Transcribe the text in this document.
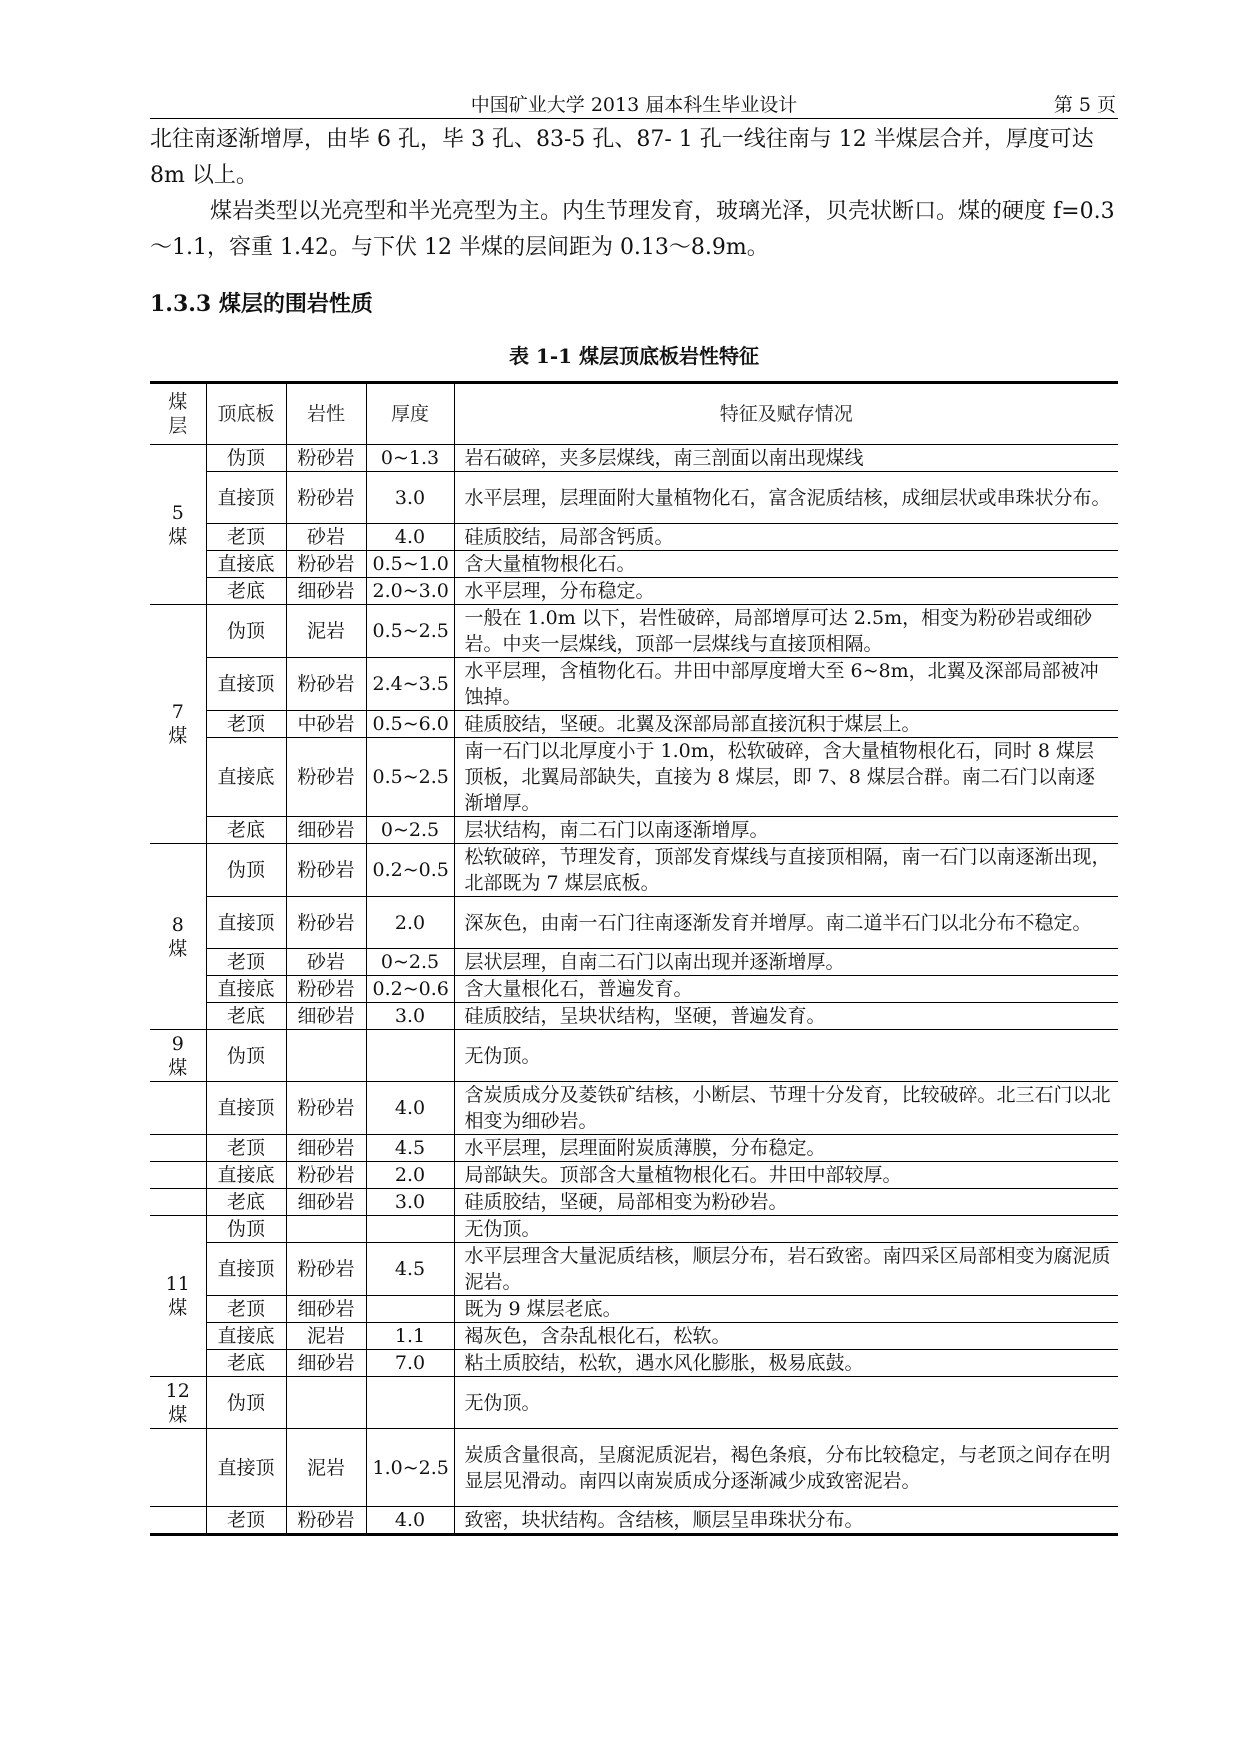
中国矿业大学 2013 届本科生毕业设计	第 5 页
北往南逐渐增厚，由毕 6 孔，毕 3 孔、83-5 孔、87- 1 孔一线往南与 12 半煤层合并，厚度可达 8m 以上。
煤岩类型以光亮型和半光亮型为主。内生节理发育，玻璃光泽，贝壳状断口。煤的硬度 f=0.3～1.1，容重 1.42。与下伏 12 半煤的层间距为 0.13～8.9m。
1.3.3 煤层的围岩性质
表 1-1 煤层顶底板岩性特征
煤层	顶底板	岩性	厚度	特征及赋存情况

5煤	伪顶	粉砂岩	0~1.3	岩石破碎，夹多层煤线，南三剖面以南出现煤线
	直接顶	粉砂岩	3.0	水平层理，层理面附大量植物化石，富含泥质结核，成细层状或串珠状分布。
	老顶	砂岩	4.0	硅质胶结，局部含钙质。
	直接底	粉砂岩	0.5~1.0	含大量植物根化石。
	老底	细砂岩	2.0~3.0	水平层理，分布稳定。

7煤	伪顶	泥岩	0.5~2.5	一般在 1.0m 以下，岩性破碎，局部增厚可达 2.5m，相变为粉砂岩或细砂岩。中夹一层煤线，顶部一层煤线与直接顶相隔。
	直接顶	粉砂岩	2.4~3.5	水平层理，含植物化石。井田中部厚度增大至 6~8m，北翼及深部局部被冲蚀掉。
	老顶	中砂岩	0.5~6.0	硅质胶结，坚硬。北翼及深部局部直接沉积于煤层上。
	直接底	粉砂岩	0.5~2.5	南一石门以北厚度小于 1.0m，松软破碎，含大量植物根化石，同时 8 煤层顶板，北翼局部缺失，直接为 8 煤层，即 7、8 煤层合群。南二石门以南逐渐增厚。
	老底	细砂岩	0~2.5	层状结构，南二石门以南逐渐增厚。

8煤	伪顶	粉砂岩	0.2~0.5	松软破碎，节理发育，顶部发育煤线与直接顶相隔，南一石门以南逐渐出现，北部既为 7 煤层底板。
	直接顶	粉砂岩	2.0	深灰色，由南一石门往南逐渐发育并增厚。南二道半石门以北分布不稳定。
	老顶	砂岩	0~2.5	层状层理，自南二石门以南出现并逐渐增厚。
	直接底	粉砂岩	0.2~0.6	含大量根化石，普遍发育。
	老底	细砂岩	3.0	硅质胶结，呈块状结构，坚硬，普遍发育。

9煤	伪顶			无伪顶。
	直接顶	粉砂岩	4.0	含炭质成分及菱铁矿结核，小断层、节理十分发育，比较破碎。北三石门以北相变为细砂岩。
	老顶	细砂岩	4.5	水平层理，层理面附炭质薄膜，分布稳定。
	直接底	粉砂岩	2.0	局部缺失。顶部含大量植物根化石。井田中部较厚。
	老底	细砂岩	3.0	硅质胶结，坚硬，局部相变为粉砂岩。

11煤	伪顶			无伪顶。
	直接顶	粉砂岩	4.5	水平层理含大量泥质结核，顺层分布，岩石致密。南四采区局部相变为腐泥质泥岩。
	老顶	细砂岩		既为 9 煤层老底。
	直接底	泥岩	1.1	褐灰色，含杂乱根化石，松软。
	老底	细砂岩	7.0	粘土质胶结，松软，遇水风化膨胀，极易底鼓。

12煤	伪顶			无伪顶。
	直接顶	泥岩	1.0~2.5	炭质含量很高，呈腐泥质泥岩，褐色条痕，分布比较稳定，与老顶之间存在明显层见滑动。南四以南炭质成分逐渐减少成致密泥岩。
	老顶	粉砂岩	4.0	致密，块状结构。含结核，顺层呈串珠状分布。
